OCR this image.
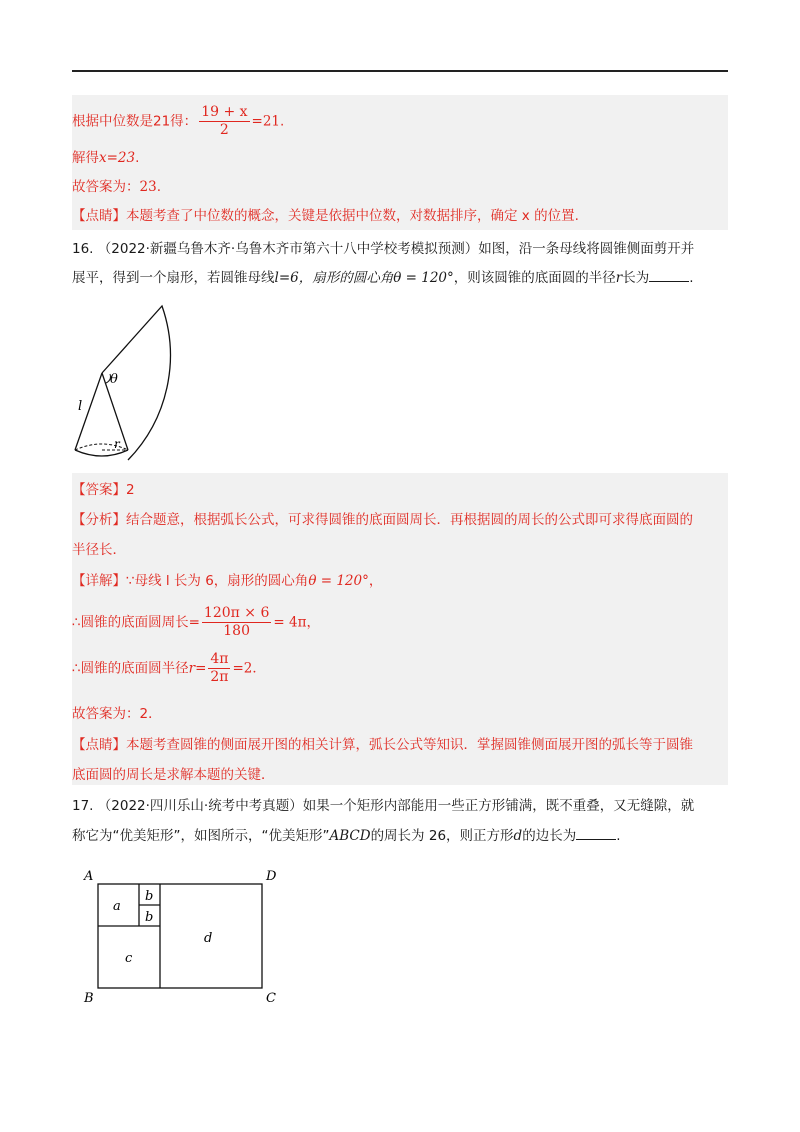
根据中位数是21得： $\frac{19 + x}{2} =21$.
解得x=23.
故答案为：23.
【点睛】本题考查了中位数的概念，关键是依据中位数，对数据排序，确定 x 的位置.
16. （2022·新疆乌鲁木齐·乌鲁木齐市第六十八中学校考模拟预测）如图，沿一条母线将圆锥侧面剪开并
展平，得到一个扇形，若圆锥母线l=6，扇形的圆心角θ = 120°，则该圆锥的底面圆的半径r长为	.
θ
l
r
【答案】2
【分析】结合题意，根据弧长公式，可求得圆锥的底面圆周长．再根据圆的周长的公式即可求得底面圆的
半径长．
【详解】∵母线 l 长为 6，扇形的圆心角θ = 120°，
∴圆锥的底面圆周长= $\frac{120\pi \times 6}{180} = 4\pi$，
∴圆锥的底面圆半径$r= \frac{4\pi}{2\pi} =2$．
故答案为：2．
【点睛】本题考查圆锥的侧面展开图的相关计算，弧长公式等知识．掌握圆锥侧面展开图的弧长等于圆锥
底面圆的周长是求解本题的关键．
17. （2022·四川乐山·统考中考真题）如果一个矩形内部能用一些正方形铺满，既不重叠，又无缝隙，就
称它为“优美矩形”，如图所示，“优美矩形”ABCD的周长为 26，则正方形d的边长为	.
A	D
B	C
a
b
b
c
d
